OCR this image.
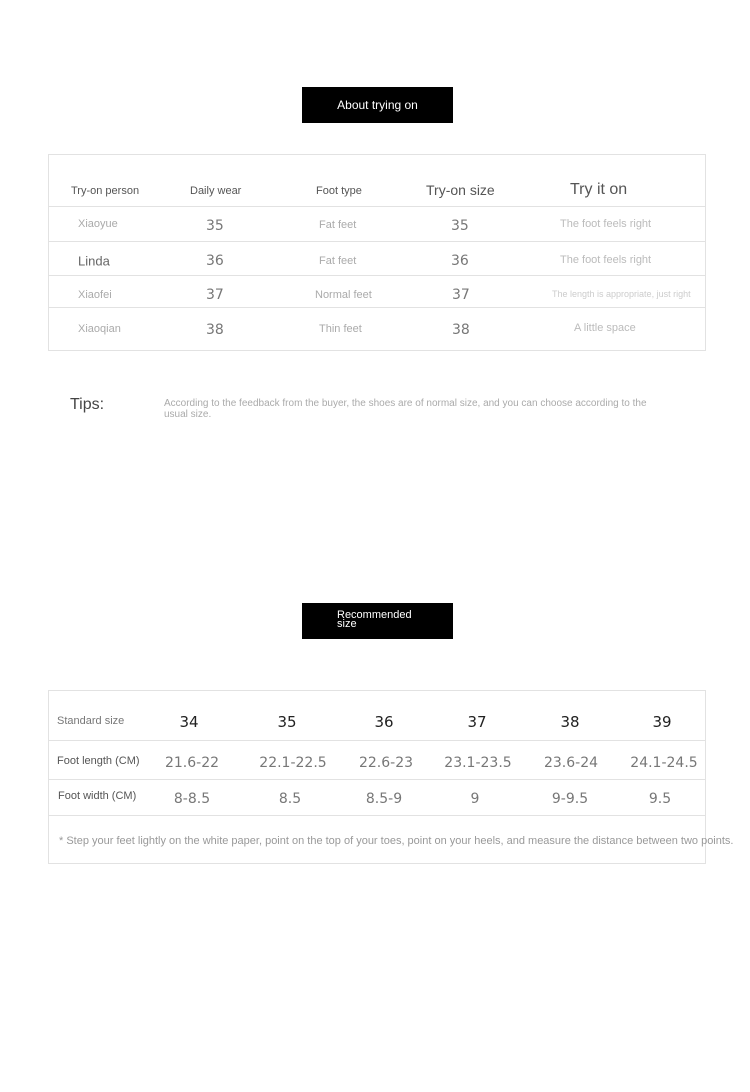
About trying on
Try-on person	Daily wear	Foot type	Try-on size	Try it on
Xiaoyue	35	Fat feet	35	The foot feels right
Linda	36	Fat feet	36	The foot feels right
Xiaofei	37	Normal feet	37	The length is appropriate, just right
Xiaoqian	38	Thin feet	38	A little space
Tips:	According to the feedback from the buyer, the shoes are of normal size, and you can choose according to the usual size.
Recommended
size
Standard size	34	35	36	37	38	39
Foot length (CM) 21.6-22	22.1-22.5 22.6-23 23.1-23.5 23.6-24 24.1-24.5
Foot width (CM)	8-8.5	8.5	8.5-9	9	9-9.5	9.5
* Step your feet lightly on the white paper, point on the top of your toes, point on your heels, and measure the distance between two points.
